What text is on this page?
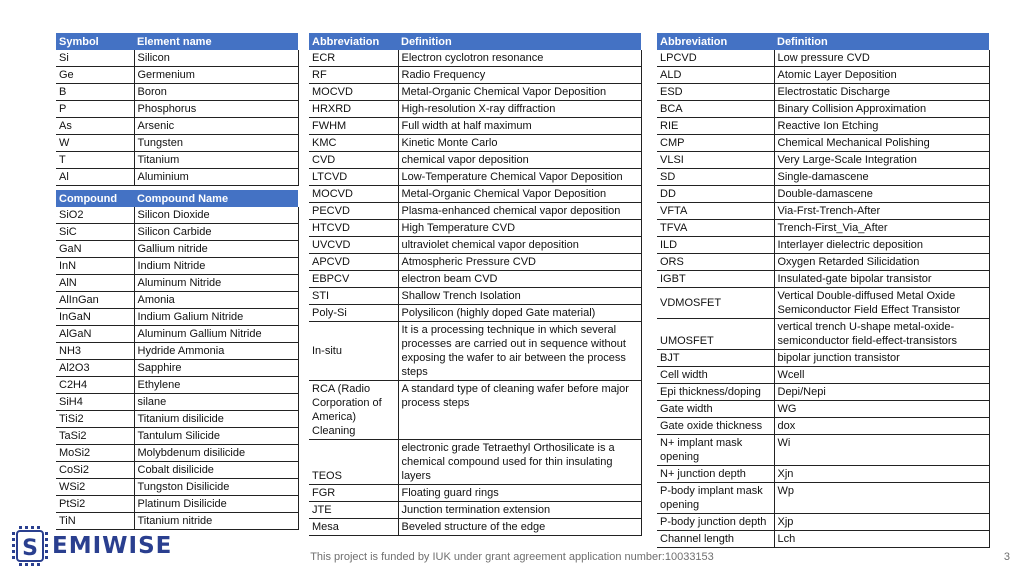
Symbol	Element name
Si	Silicon
Ge	Germenium
B	Boron
P	Phosphorus
As	Arsenic
W	Tungsten
T	Titanium
Al	Aluminium

Compound	Compound Name
SiO2	Silicon Dioxide
SiC	Silicon Carbide
GaN	Gallium nitride
InN	Indium Nitride
AlN	Aluminum Nitride
AlInGan	Amonia
InGaN	Indium Galium Nitride
AlGaN	Aluminum Gallium Nitride
NH3	Hydride Ammonia
Al2O3	Sapphire
C2H4	Ethylene
SiH4	silane
TiSi2	Titanium disilicide
TaSi2	Tantulum Silicide
MoSi2	Molybdenum disilicide
CoSi2	Cobalt disilicide
WSi2	Tungston Disilicide
PtSi2	Platinum Disilicide
TiN	Titanium nitride
Abbreviation	Definition
ECR	Electron cyclotron resonance
RF	Radio Frequency
MOCVD	Metal-Organic Chemical Vapor Deposition
HRXRD	High-resolution X-ray diffraction
FWHM	Full width at half maximum
KMC	Kinetic Monte Carlo
CVD	chemical vapor deposition
LTCVD	Low-Temperature Chemical Vapor Deposition
MOCVD	Metal-Organic Chemical Vapor Deposition
PECVD	Plasma-enhanced chemical vapor deposition
HTCVD	High Temperature CVD
UVCVD	ultraviolet chemical vapor deposition
APCVD	Atmospheric Pressure CVD
EBPCV	electron beam CVD
STI	Shallow Trench Isolation
Poly-Si	Polysilicon (highly doped Gate material)
In-situ	It is a processing technique in which several processes are carried out in sequence without exposing the wafer to air between the process steps
RCA (Radio Corporation of America) Cleaning	A standard type of cleaning wafer before major process steps
TEOS	electronic grade Tetraethyl Orthosilicate is a chemical compound used for thin insulating layers
FGR	Floating guard rings
JTE	Junction termination extension
Mesa	Beveled structure of the edge
Abbreviation	Definition
LPCVD	Low pressure CVD
ALD	Atomic Layer Deposition
ESD	Electrostatic Discharge
BCA	Binary Collision Approximation
RIE	Reactive Ion Etching
CMP	Chemical Mechanical Polishing
VLSI	Very Large-Scale Integration
SD	Single-damascene
DD	Double-damascene
VFTA	Via-Frst-Trench-After
TFVA	Trench-First_Via_After
ILD	Interlayer dielectric deposition
ORS	Oxygen Retarded Silicidation
IGBT	Insulated-gate bipolar transistor
VDMOSFET	Vertical Double-diffused Metal Oxide Semiconductor Field Effect Transistor
UMOSFET	vertical trench U-shape metal-oxide-semiconductor field-effect-transistors
BJT	bipolar junction transistor
Cell width	Wcell
Epi thickness/doping	Depi/Nepi
Gate width	WG
Gate oxide thickness	dox
N+ implant mask opening	Wi
N+ junction depth	Xjn
P-body implant mask opening	Wp
P-body junction depth	Xjp
Channel length	Lch
S EMIWISE	This project is funded by IUK under grant agreement application number:10033153	3
